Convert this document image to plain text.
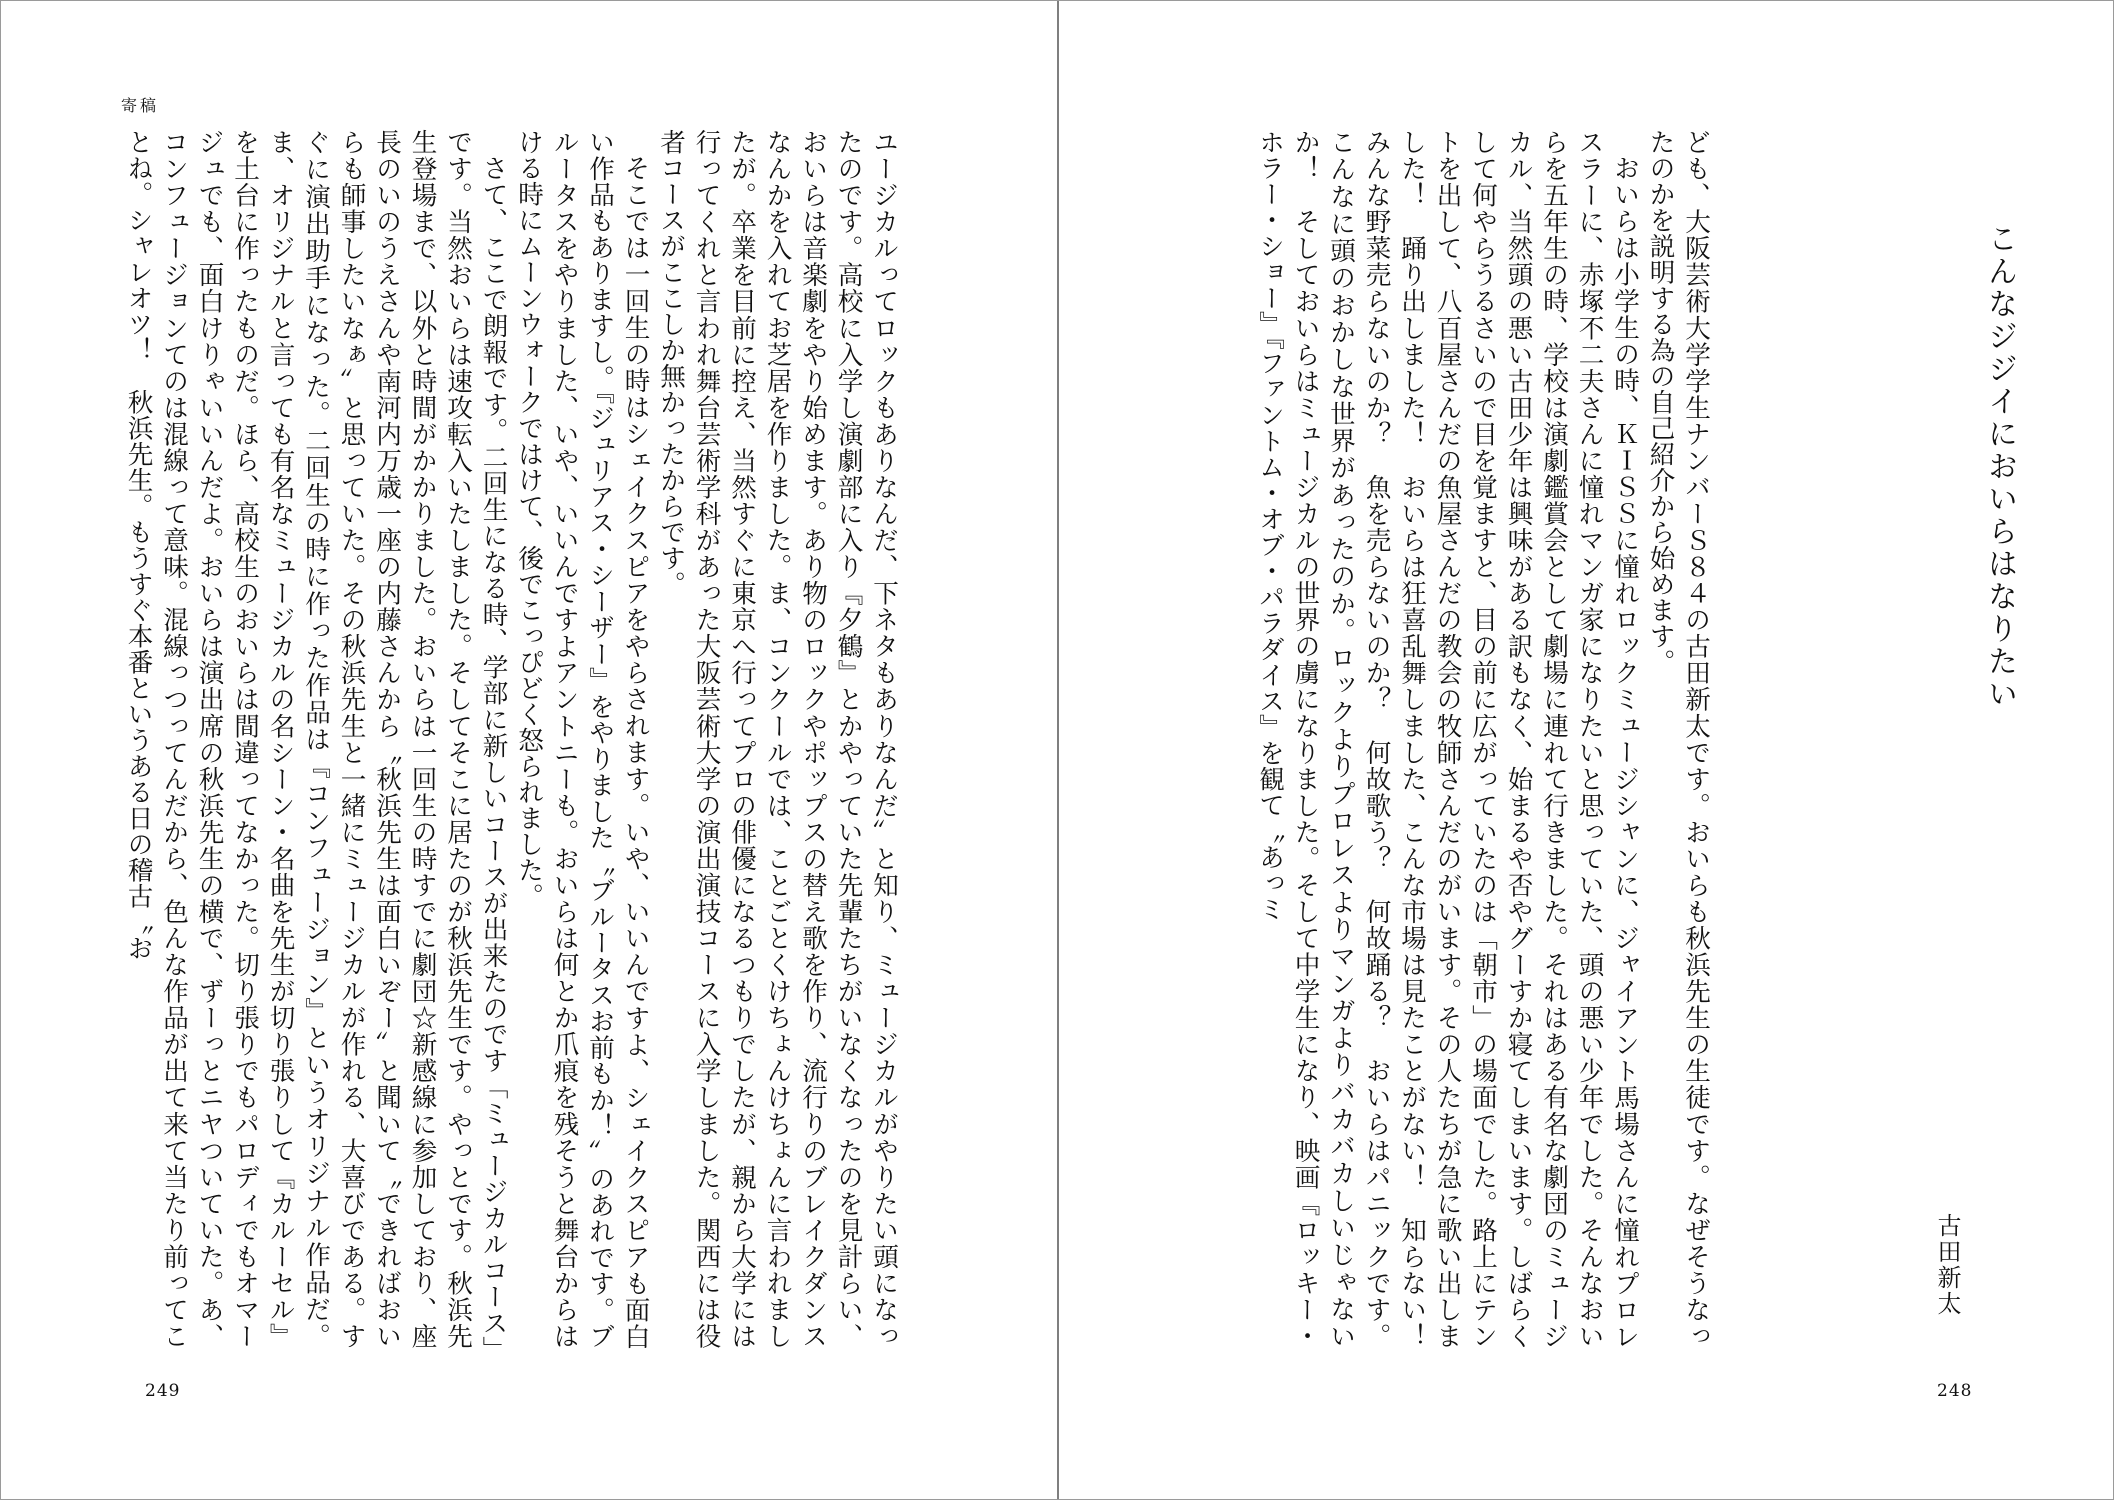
寄稿

ユージカルってロックもありなんだ、下ネタもありなんだ〟と知り、ミュージカルがやりたい頭になったのです。高校に入学し演劇部に入り『夕鶴』とかやっていた先輩たちがいなくなったのを見計らい、おいらは音楽劇をやり始めます。あり物のロックやポップスの替え歌を作り、流行りのブレイクダンスなんかを入れてお芝居を作りました。ま、コンクールでは、ことごとくけちょんけちょんに言われましたが。卒業を目前に控え、当然すぐに東京へ行ってプロの俳優になるつもりでしたが、親から大学には行ってくれと言われ舞台芸術学科があった大阪芸術大学の演出演技コースに入学しました。関西には役者コースがここしか無かったからです。

そこでは一回生の時はシェイクスピアをやらされます。いや、いいんですよ、シェイクスピアも面白い作品もありますし。『ジュリアス・シーザー』をやりました〝ブルータスお前もか！〟のあれです。ブルータスをやりました、いや、いいんですよアントニーも。おいらは何とか爪痕を残そうと舞台からはける時にムーンウォークではけて、後でこっぴどく怒られました。

さて、ここで朗報です。二回生になる時、学部に新しいコースが出来たのです「ミュージカルコース」です。当然おいらは速攻転入いたしました。そしてそこに居たのが秋浜先生です。やっとです。秋浜先生登場まで、以外と時間がかかりました。おいらは一回生の時すでに劇団☆新感線に参加しており、座長のいのうえさんや南河内万歳一座の内藤さんから〝秋浜先生は面白いぞー〟と聞いて〝できればおいらも師事したいなぁ〟と思っていた。その秋浜先生と一緒にミュージカルが作れる、大喜びである。すぐに演出助手になった。二回生の時に作った作品は『コンフュージョン』というオリジナル作品だ。ま、オリジナルと言っても有名なミュージカルの名シーン・名曲を先生が切り張りして『カルーセル』を土台に作ったものだ。ほら、高校生のおいらは間違ってなかった。切り張りでもパロディでもオマージュでも、面白けりゃいいんだよ。おいらは演出席の秋浜先生の横で、ずーっとニヤついていた。あ、コンフュージョンてのは混線って意味。混線っつってんだから、色んな作品が出て来て当たり前ってことね。シャレオツ！　秋浜先生。もうすぐ本番というある日の稽古〝お

249
こんなジジイにおいらはなりたい

ども、大阪芸術大学学生ナンバーＳ８４の古田新太です。おいらも秋浜先生の生徒です。なぜそうなったのかを説明する為の自己紹介から始めます。

おいらは小学生の時、ＫＩＳＳに憧れロックミュージシャンに、ジャイアント馬場さんに憧れプロレスラーに、赤塚不二夫さんに憧れマンガ家になりたいと思っていた、頭の悪い少年でした。そんなおいらを五年生の時、学校は演劇鑑賞会として劇場に連れて行きました。それはある有名な劇団のミュージカル、当然頭の悪い古田少年は興味がある訳もなく、始まるや否やグーすか寝てしまいます。しばらくして何やらうるさいので目を覚ますと、目の前に広がっていたのは「朝市」の場面でした。路上にテントを出して、八百屋さんだの魚屋さんだの教会の牧師さんだのがいます。その人たちが急に歌い出しました！　踊り出しました！　おいらは狂喜乱舞しました、こんな市場は見たことがない！　知らない！　みんな野菜売らないのか？　魚を売らないのか？　何故歌う？　何故踊る？　おいらはパニックです。こんなに頭のおかしな世界があったのか。ロックよりプロレスよりマンガよりバカバカしいじゃないか！　そしておいらはミュージカルの世界の虜になりました。そして中学生になり、映画『ロッキー・ホラー・ショー』『ファントム・オブ・パラダイス』を観て〝あっミ

古田新太
248
